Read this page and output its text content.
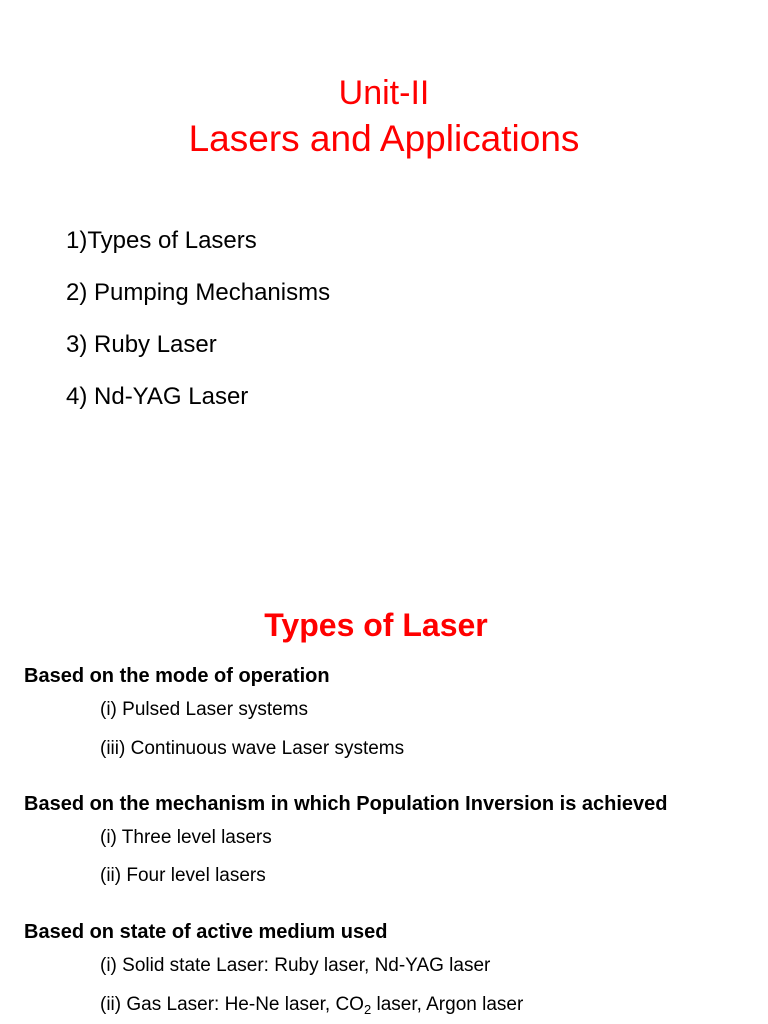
Unit-II
Lasers and Applications
1)Types of Lasers
2) Pumping Mechanisms
3) Ruby Laser
4) Nd-YAG Laser
Types of Laser
Based on the mode of operation
(i) Pulsed Laser systems
(iii) Continuous wave Laser systems
Based on the mechanism in which Population Inversion is achieved
(i) Three level lasers
(ii) Four level lasers
Based on state of active medium used
(i) Solid state Laser: Ruby laser, Nd-YAG laser
(ii) Gas Laser: He-Ne laser, $CO_2$ laser, Argon laser
